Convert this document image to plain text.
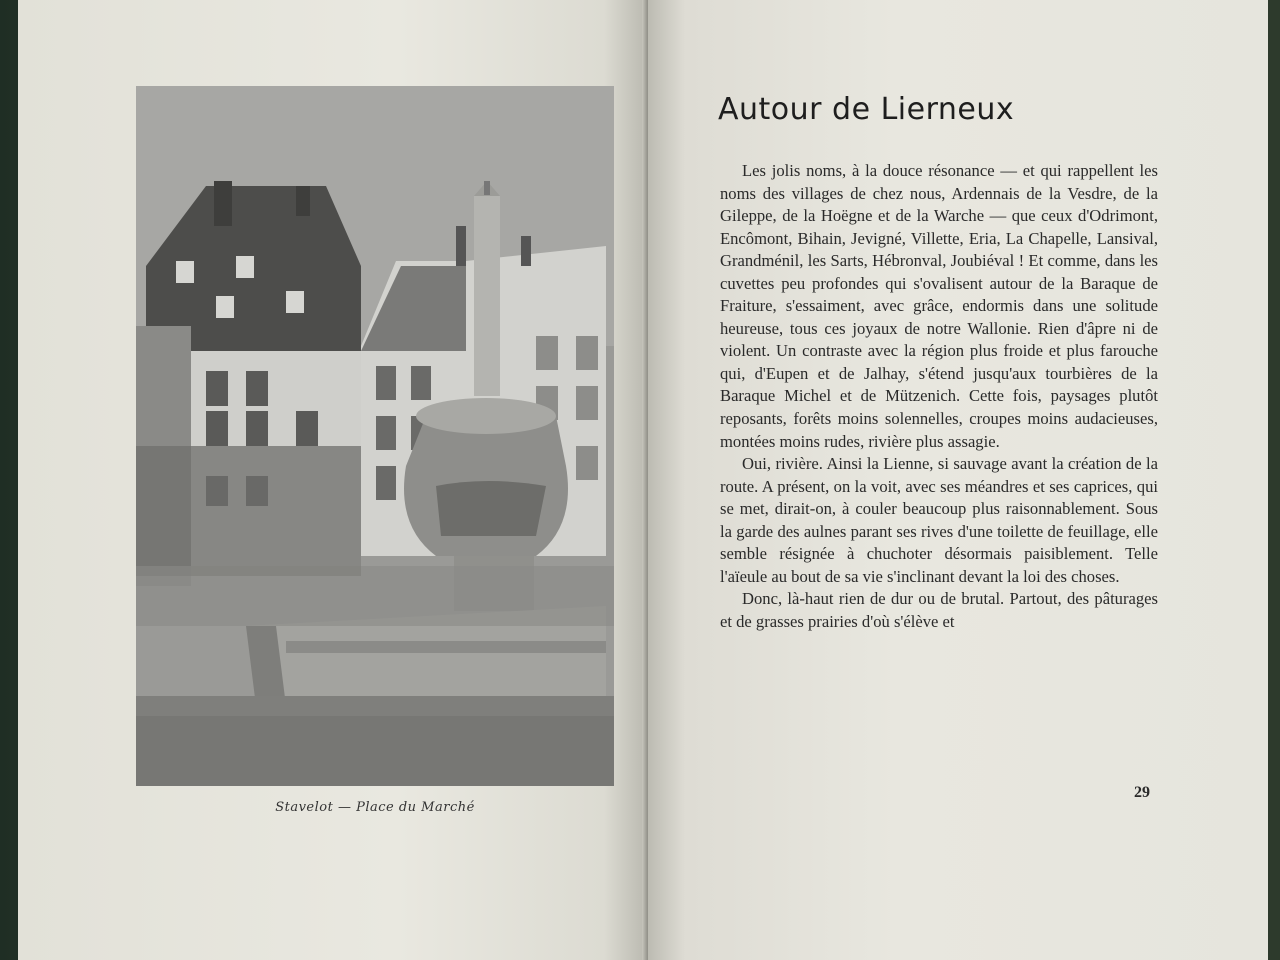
Stavelot — Place du Marché
Autour de Lierneux

Les jolis noms, à la douce résonance — et qui rappellent les noms des villages de chez nous, Ardennais de la Vesdre, de la Gileppe, de la Hoëgne et de la Warche — que ceux d'Odrimont, Encômont, Bihain, Jevigné, Villette, Eria, La Chapelle, Lansival, Grandménil, les Sarts, Hébronval, Joubiéval ! Et comme, dans les cuvettes peu profondes qui s'ovalisent autour de la Baraque de Fraiture, s'essaiment, avec grâce, endormis dans une solitude heureuse, tous ces joyaux de notre Wallonie. Rien d'âpre ni de violent. Un contraste avec la région plus froide et plus farouche qui, d'Eupen et de Jalhay, s'étend jusqu'aux tourbières de la Baraque Michel et de Mützenich. Cette fois, paysages plutôt reposants, forêts moins solennelles, croupes moins audacieuses, montées moins rudes, rivière plus assagie.

Oui, rivière. Ainsi la Lienne, si sauvage avant la création de la route. A présent, on la voit, avec ses méandres et ses caprices, qui se met, dirait-on, à couler beaucoup plus raisonnablement. Sous la garde des aulnes parant ses rives d'une toilette de feuillage, elle semble résignée à chuchoter désormais paisiblement. Telle l'aïeule au bout de sa vie s'inclinant devant la loi des choses.

Donc, là-haut rien de dur ou de brutal. Partout, des pâturages et de grasses prairies d'où s'élève et

29
